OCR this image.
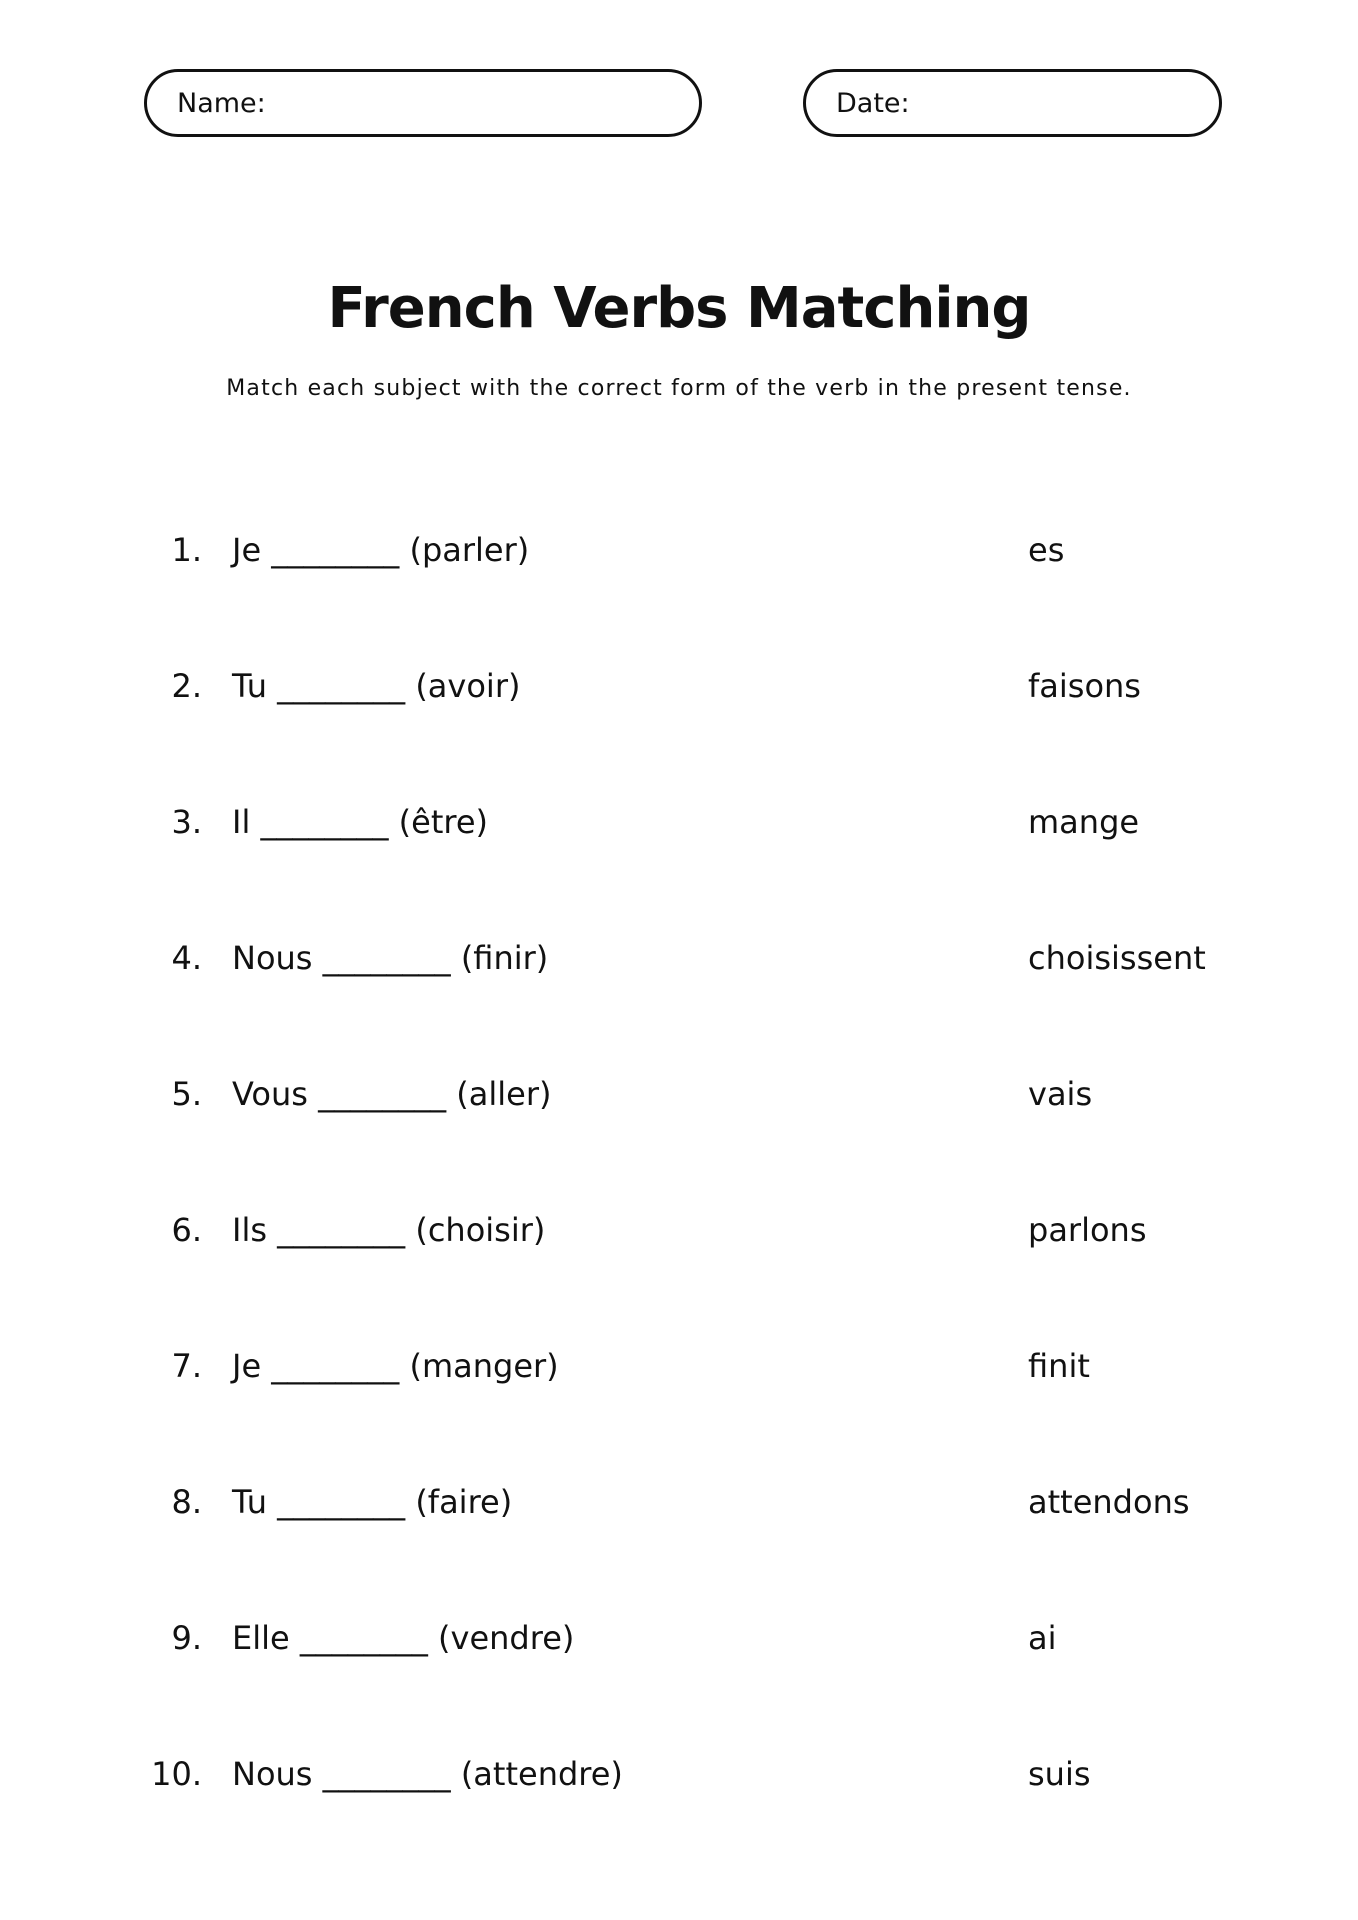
Name:	Date:
French Verbs Matching

Match each subject with the correct form of the verb in the present tense.

1. Je ________ (parler)	es
2. Tu ________ (avoir)	faisons
3. Il ________ (être)	mange
4. Nous ________ (finir)	choisissent
5. Vous ________ (aller)	vais
6. Ils ________ (choisir)	parlons
7. Je ________ (manger)	finit
8. Tu ________ (faire)	attendons
9. Elle ________ (vendre)	ai
10. Nous ________ (attendre)	suis
